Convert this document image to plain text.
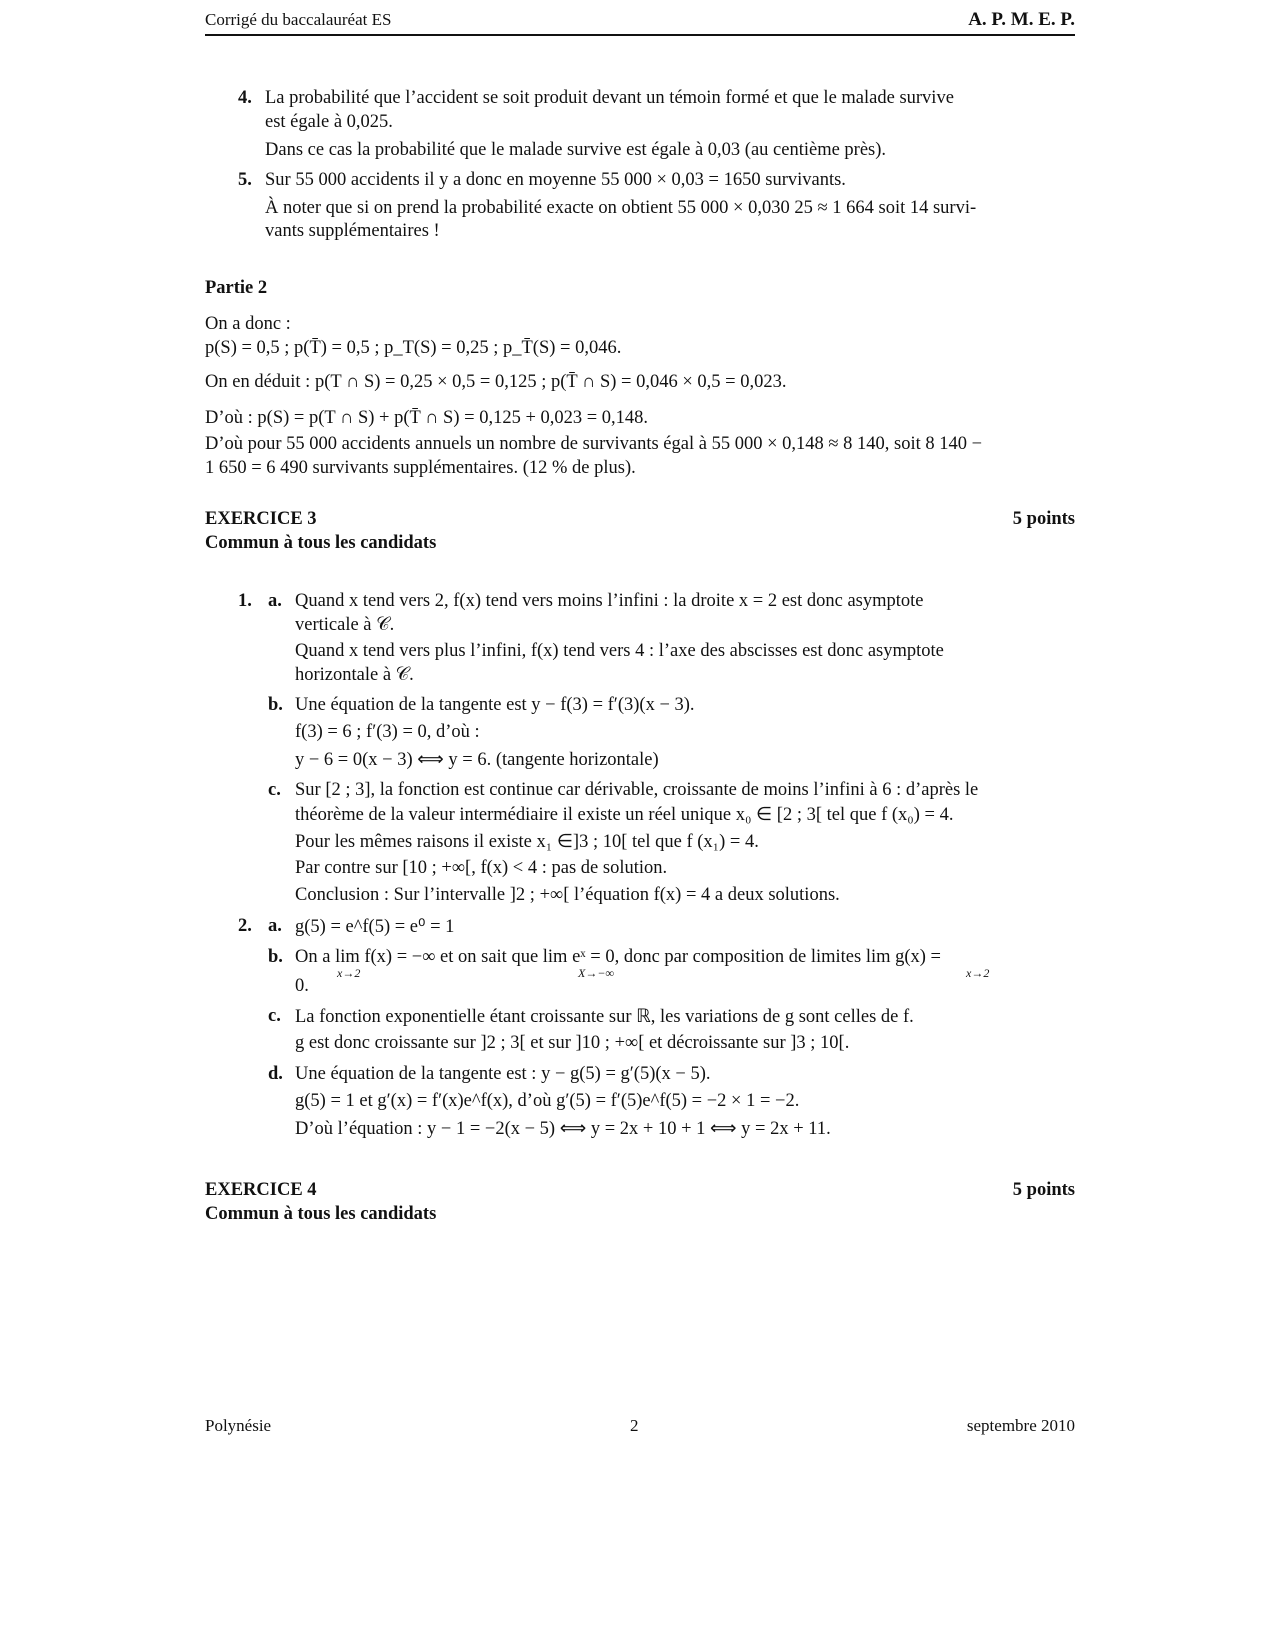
Corrigé du baccalauréat ES	A. P. M. E. P.
4. La probabilité que l’accident se soit produit devant un témoin formé et que le malade survive
est égale à 0,025.
Dans ce cas la probabilité que le malade survive est égale à 0,03 (au centième près).
5. Sur 55 000 accidents il y a donc en moyenne 55 000 × 0,03 = 1650 survivants.
À noter que si on prend la probabilité exacte on obtient 55 000 × 0,030 25 ≈ 1 664 soit 14 survi-
vants supplémentaires !
Partie 2
On a donc :
p(S) = 0,5 ; p(T̄) = 0,5 ; p_T(S) = 0,25 ; p_T̄(S) = 0,046.
On en déduit : p(T ∩ S) = 0,25 × 0,5 = 0,125 ; p(T̄ ∩ S) = 0,046 × 0,5 = 0,023.
D’où : p(S) = p(T ∩ S) + p(T̄ ∩ S) = 0,125 + 0,023 = 0,148.
D’où pour 55 000 accidents annuels un nombre de survivants égal à 55 000 × 0,148 ≈ 8 140, soit 8 140 −
1 650 = 6 490 survivants supplémentaires. (12 % de plus).
EXERCICE 3	5 points
Commun à tous les candidats
1. a. Quand x tend vers 2, f(x) tend vers moins l’infini : la droite x = 2 est donc asymptote
verticale à 𝒞.
Quand x tend vers plus l’infini, f(x) tend vers 4 : l’axe des abscisses est donc asymptote
horizontale à 𝒞.
b. Une équation de la tangente est y − f(3) = f′(3)(x − 3).
f(3) = 6 ; f′(3) = 0, d’où :
y − 6 = 0(x − 3) ⟺ y = 6. (tangente horizontale)
c. Sur [2 ; 3], la fonction est continue car dérivable, croissante de moins l’infini à 6 : d’après le
théorème de la valeur intermédiaire il existe un réel unique x₀ ∈ [2 ; 3[ tel que f (x₀) = 4.
Pour les mêmes raisons il existe x₁ ∈]3 ; 10[ tel que f (x₁) = 4.
Par contre sur [10 ; +∞[, f(x) < 4 : pas de solution.
Conclusion : Sur l’intervalle ]2 ; +∞[ l’équation f(x) = 4 a deux solutions.
2. a. g(5) = e^f(5) = e⁰ = 1
b. On a lim f(x) = −∞ et on sait que lim eˣ = 0, donc par composition de limites lim g(x) =
x→2	X→−∞	x→2
0.
c. La fonction exponentielle étant croissante sur ℝ, les variations de g sont celles de f.
g est donc croissante sur ]2 ; 3[ et sur ]10 ; +∞[ et décroissante sur ]3 ; 10[.
d. Une équation de la tangente est : y − g(5) = g′(5)(x − 5).
g(5) = 1 et g′(x) = f′(x)e^f(x), d’où g′(5) = f′(5)e^f(5) = −2 × 1 = −2.
D’où l’équation : y − 1 = −2(x − 5) ⟺ y = 2x + 10 + 1 ⟺ y = 2x + 11.
EXERCICE 4	5 points
Commun à tous les candidats
Polynésie	2	septembre 2010
